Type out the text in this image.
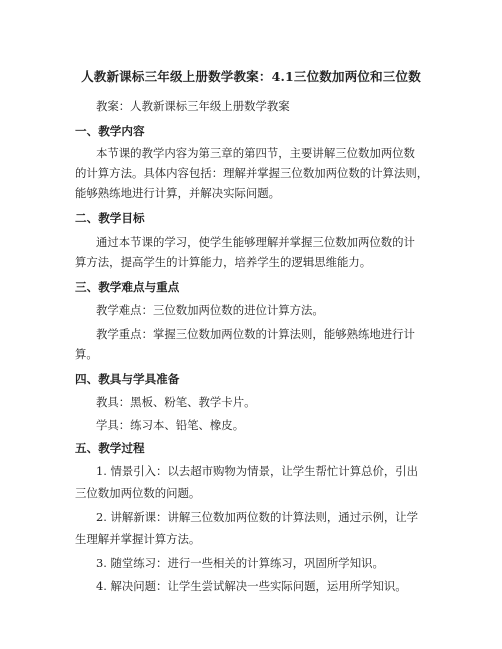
人教新课标三年级上册数学教案：4.1三位数加两位和三位数
教案：人教新课标三年级上册数学教案
一、教学内容
本节课的教学内容为第三章的第四节，主要讲解三位数加两位数
的计算方法。具体内容包括：理解并掌握三位数加两位数的计算法则，
能够熟练地进行计算，并解决实际问题。
二、教学目标
通过本节课的学习，使学生能够理解并掌握三位数加两位数的计
算方法，提高学生的计算能力，培养学生的逻辑思维能力。
三、教学难点与重点
教学难点：三位数加两位数的进位计算方法。
教学重点：掌握三位数加两位数的计算法则，能够熟练地进行计
算。
四、教具与学具准备
教具：黑板、粉笔、教学卡片。
学具：练习本、铅笔、橡皮。
五、教学过程
1. 情景引入：以去超市购物为情景，让学生帮忙计算总价，引出
三位数加两位数的问题。
2. 讲解新课：讲解三位数加两位数的计算法则，通过示例，让学
生理解并掌握计算方法。
3. 随堂练习：进行一些相关的计算练习，巩固所学知识。
4. 解决问题：让学生尝试解决一些实际问题，运用所学知识。
